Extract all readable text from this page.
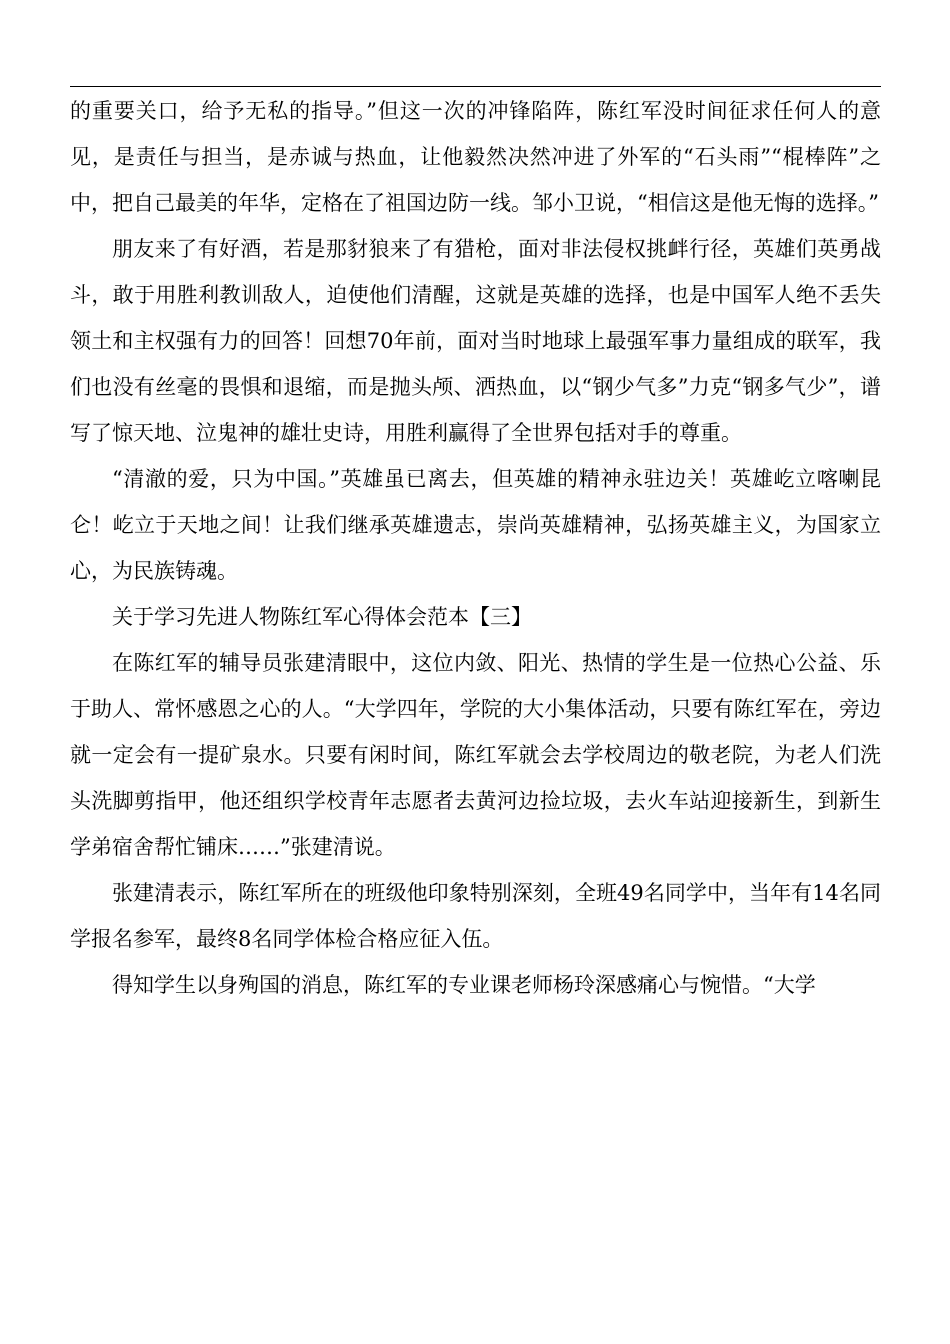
的重要关口，给予无私的指导。”但这一次的冲锋陷阵，陈红军没时间征求任何人的意见，是责任与担当，是赤诚与热血，让他毅然决然冲进了外军的“石头雨”“棍棒阵”之中，把自己最美的年华，定格在了祖国边防一线。邹小卫说，“相信这是他无悔的选择。”

朋友来了有好酒，若是那豺狼来了有猎枪，面对非法侵权挑衅行径，英雄们英勇战斗，敢于用胜利教训敌人，迫使他们清醒，这就是英雄的选择，也是中国军人绝不丢失领土和主权强有力的回答！回想70年前，面对当时地球上最强军事力量组成的联军，我们也没有丝毫的畏惧和退缩，而是抛头颅、洒热血，以“钢少气多”力克“钢多气少”，谱写了惊天地、泣鬼神的雄壮史诗，用胜利赢得了全世界包括对手的尊重。

“清澈的爱，只为中国。”英雄虽已离去，但英雄的精神永驻边关！英雄屹立喀喇昆仑！屹立于天地之间！让我们继承英雄遗志，崇尚英雄精神，弘扬英雄主义，为国家立心，为民族铸魂。

关于学习先进人物陈红军心得体会范本【三】

在陈红军的辅导员张建清眼中，这位内敛、阳光、热情的学生是一位热心公益、乐于助人、常怀感恩之心的人。“大学四年，学院的大小集体活动，只要有陈红军在，旁边就一定会有一提矿泉水。只要有闲时间，陈红军就会去学校周边的敬老院，为老人们洗头洗脚剪指甲，他还组织学校青年志愿者去黄河边捡垃圾，去火车站迎接新生，到新生学弟宿舍帮忙铺床……”张建清说。

张建清表示，陈红军所在的班级他印象特别深刻，全班49名同学中，当年有14名同学报名参军，最终8名同学体检合格应征入伍。

得知学生以身殉国的消息，陈红军的专业课老师杨玲深感痛心与惋惜。“大学
